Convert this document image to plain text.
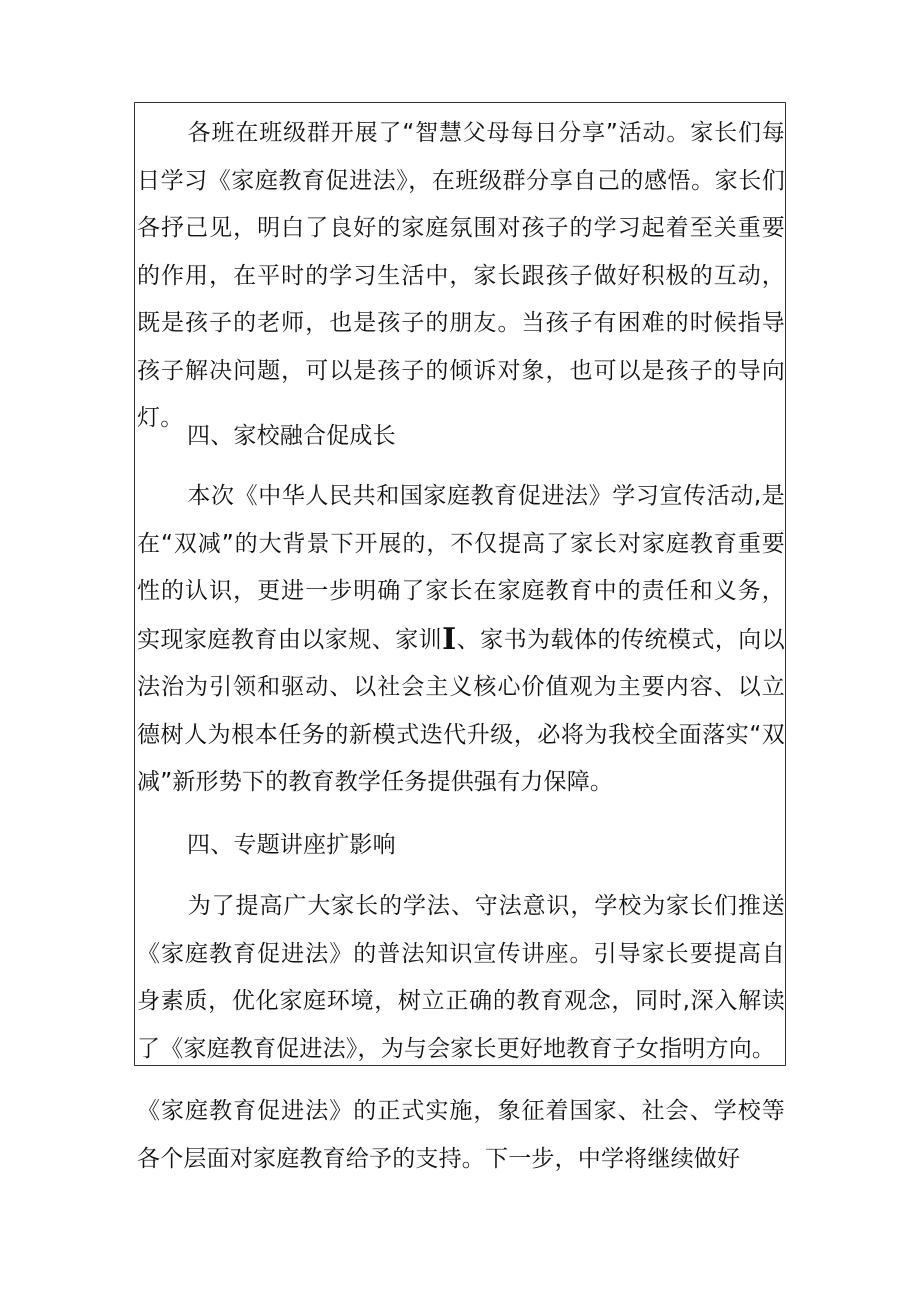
各班在班级群开展了“智慧父母每日分享”活动。家长们每日学习《家庭教育促进法》，在班级群分享自己的感悟。家长们各抒己见，明白了良好的家庭氛围对孩子的学习起着至关重要的作用，在平时的学习生活中，家长跟孩子做好积极的互动，既是孩子的老师，也是孩子的朋友。当孩子有困难的时候指导孩子解决问题，可以是孩子的倾诉对象，也可以是孩子的导向灯。

四、家校融合促成长

本次《中华人民共和国家庭教育促进法》学习宣传活动,是在“双减”的大背景下开展的，不仅提高了家长对家庭教育重要性的认识，更进一步明确了家长在家庭教育中的责任和义务，实现家庭教育由以家规、家训I、家书为载体的传统模式，向以法治为引领和驱动、以社会主义核心价值观为主要内容、以立德树人为根本任务的新模式迭代升级，必将为我校全面落实“双减”新形势下的教育教学任务提供强有力保障。

四、专题讲座扩影响

为了提高广大家长的学法、守法意识，学校为家长们推送《家庭教育促进法》的普法知识宣传讲座。引导家长要提高自身素质，优化家庭环境，树立正确的教育观念，同时,深入解读了《家庭教育促进法》，为与会家长更好地教育子女指明方向。

《家庭教育促进法》的正式实施，象征着国家、社会、学校等各个层面对家庭教育给予的支持。下一步，中学将继续做好
